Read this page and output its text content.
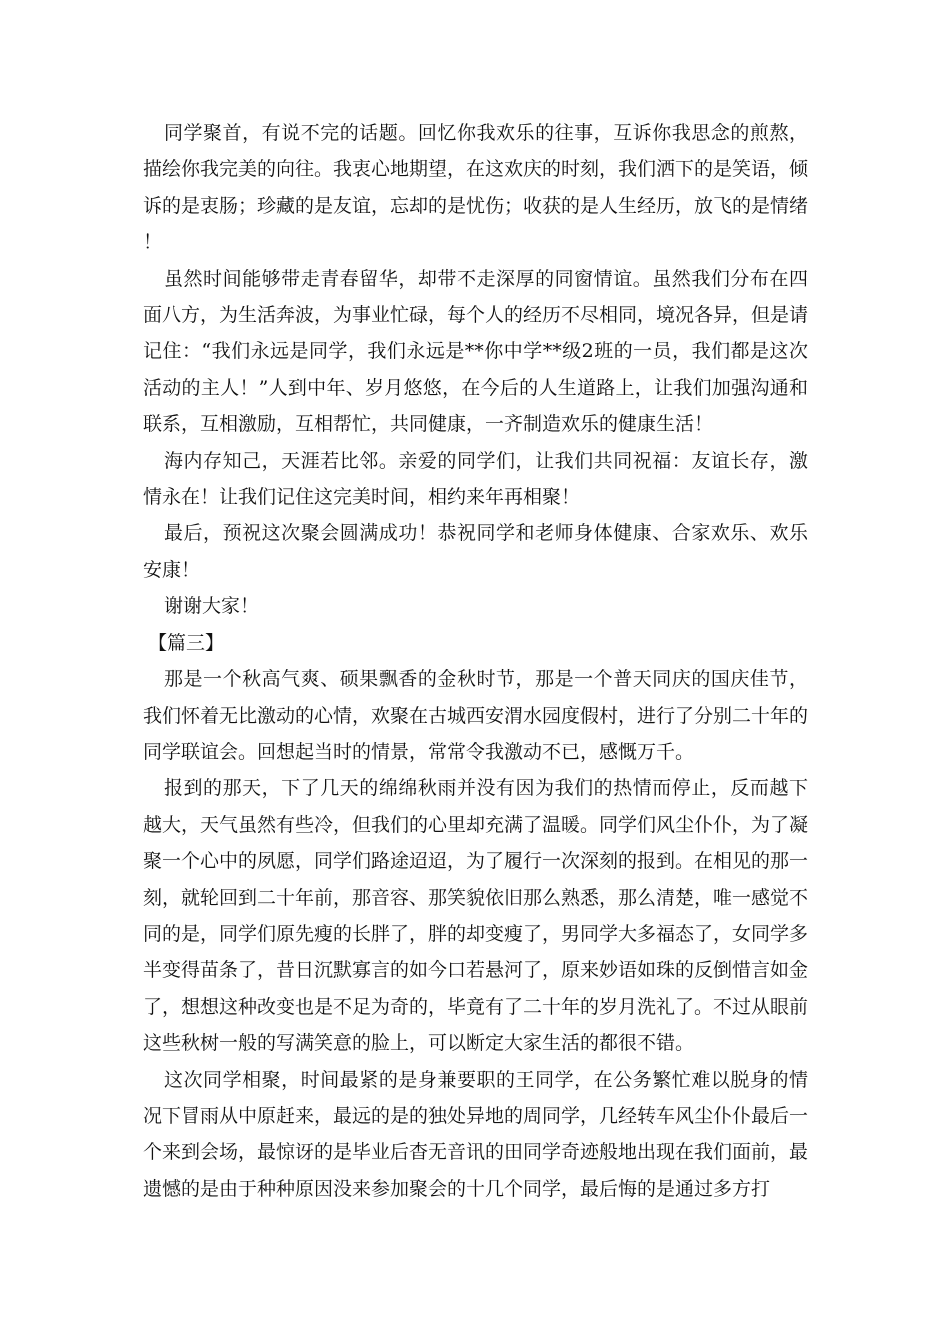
同学聚首，有说不完的话题。回忆你我欢乐的往事，互诉你我思念的煎熬，描绘你我完美的向往。我衷心地期望，在这欢庆的时刻，我们洒下的是笑语，倾诉的是衷肠；珍藏的是友谊，忘却的是忧伤；收获的是人生经历，放飞的是情绪！

虽然时间能够带走青春留华，却带不走深厚的同窗情谊。虽然我们分布在四面八方，为生活奔波，为事业忙碌，每个人的经历不尽相同，境况各异，但是请记住：“我们永远是同学，我们永远是**你中学**级2班的一员，我们都是这次活动的主人！”人到中年、岁月悠悠，在今后的人生道路上，让我们加强沟通和联系，互相激励，互相帮忙，共同健康，一齐制造欢乐的健康生活！

海内存知己，天涯若比邻。亲爱的同学们，让我们共同祝福：友谊长存，激情永在！让我们记住这完美时间，相约来年再相聚！

最后，预祝这次聚会圆满成功！恭祝同学和老师身体健康、合家欢乐、欢乐安康！

谢谢大家！

【篇三】

那是一个秋高气爽、硕果飘香的金秋时节，那是一个普天同庆的国庆佳节，我们怀着无比激动的心情，欢聚在古城西安渭水园度假村，进行了分别二十年的同学联谊会。回想起当时的情景，常常令我激动不已，感慨万千。

报到的那天，下了几天的绵绵秋雨并没有因为我们的热情而停止，反而越下越大，天气虽然有些冷，但我们的心里却充满了温暖。同学们风尘仆仆，为了凝聚一个心中的夙愿，同学们路途迢迢，为了履行一次深刻的报到。在相见的那一刻，就轮回到二十年前，那音容、那笑貌依旧那么熟悉，那么清楚，唯一感觉不同的是，同学们原先瘦的长胖了，胖的却变瘦了，男同学大多福态了，女同学多半变得苗条了，昔日沉默寡言的如今口若悬河了，原来妙语如珠的反倒惜言如金了，想想这种改变也是不足为奇的，毕竟有了二十年的岁月洗礼了。不过从眼前这些秋树一般的写满笑意的脸上，可以断定大家生活的都很不错。

这次同学相聚，时间最紧的是身兼要职的王同学，在公务繁忙难以脱身的情况下冒雨从中原赶来，最远的是的独处异地的周同学，几经转车风尘仆仆最后一个来到会场，最惊讶的是毕业后杳无音讯的田同学奇迹般地出现在我们面前，最遗憾的是由于种种原因没来参加聚会的十几个同学，最后悔的是通过多方打
